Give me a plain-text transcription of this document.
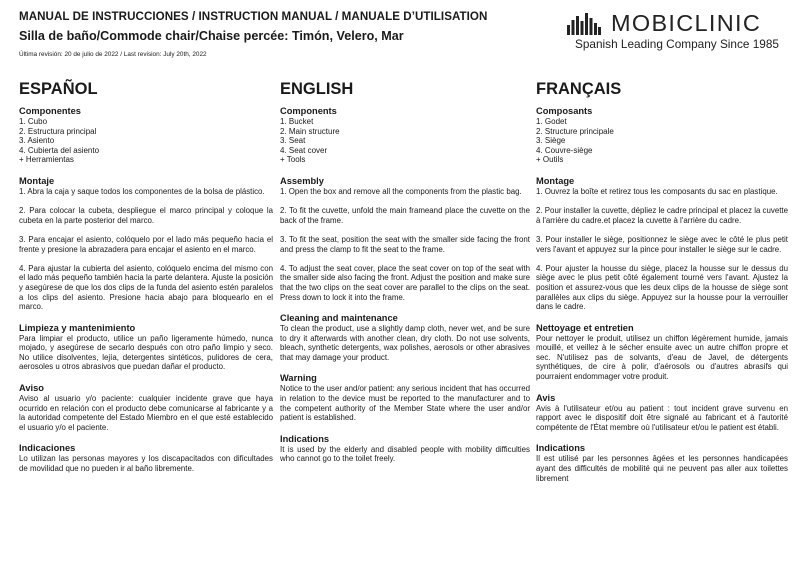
MANUAL DE INSTRUCCIONES / INSTRUCTION MANUAL / MANUALE D’UTILISATION
Silla de baño/Commode chair/Chaise percée: Timón, Velero, Mar
Última revisión: 20 de julio de 2022 / Last revision: July 20th, 2022
MOBICLINIC
Spanish Leading Company Since 1985
ESPAÑOL
Componentes
1. Cubo
2. Estructura principal
3. Asiento
4. Cubierta del asiento
+ Herramientas
Montaje
1. Abra la caja y saque todos los componentes de la bolsa de plástico.
2. Para colocar la cubeta, despliegue el marco principal y coloque la cubeta en la parte posterior del marco.
3. Para encajar el asiento, colóquelo por el lado más pequeño hacia el frente y presione la abrazadera para encajar el asiento en el marco.
4. Para ajustar la cubierta del asiento, colóquelo encima del mismo con el lado más pequeño también hacia la parte delantera. Ajuste la posición y asegúrese de que los dos clips de la funda del asiento estén paralelos a los clips del asiento. Presione hacia abajo para bloquearlo en el marco.
Limpieza y mantenimiento
Para limpiar el producto, utilice un paño ligeramente húmedo, nunca mojado, y asegúrese de secarlo después con otro paño limpio y seco. No utilice disolventes, lejía, detergentes sintéticos, pulidores de cera, aerosoles u otros abrasivos que puedan dañar el producto.
Aviso
Aviso al usuario y/o paciente: cualquier incidente grave que haya ocurrido en relación con el producto debe comunicarse al fabricante y a la autoridad competente del Estado Miembro en el que esté establecido el usuario y/o el paciente.
Indicaciones
Lo utilizan las personas mayores y los discapacitados con dificultades de movilidad que no pueden ir al baño libremente.
ENGLISH
Components
1. Bucket
2. Main structure
3. Seat
4. Seat cover
+ Tools
Assembly
1. Open the box and remove all the components from the plastic bag.
2. To fit the cuvette, unfold the main frameand place the cuvette on the back of the frame.
3. To fit the seat, position the seat with the smaller side facing the front and press the clamp to fit the seat to the frame.
4. To adjust the seat cover, place the seat cover on top of the seat with the smaller side also facing the front. Adjust the position and make sure that the two clips on the seat cover are parallel to the clips on the seat. Press down to lock it into the frame.
Cleaning and maintenance
To clean the product, use a slightly damp cloth, never wet, and be sure to dry it afterwards with another clean, dry cloth. Do not use solvents, bleach, synthetic detergents, wax polishes, aerosols or other abrasives that may damage your product.
Warning
Notice to the user and/or patient: any serious incident that has occurred in relation to the device must be reported to the manufacturer and to the competent authority of the Member State where the user and/or patient is established.
Indications
It is used by the elderly and disabled people with mobility difficulties who cannot go to the toilet freely.
FRANÇAIS
Composants
1. Godet
2. Structure principale
3. Siège
4. Couvre-siège
+ Outils
Montage
1. Ouvrez la boîte et retirez tous les composants du sac en plastique.
2. Pour installer la cuvette, dépliez le cadre principal et placez la cuvette à l'arrière du cadre.et placez la cuvette à l'arrière du cadre.
3. Pour installer le siège, positionnez le siège avec le côté le plus petit vers l'avant et appuyez sur la pince pour installer le siège sur le cadre.
4. Pour ajuster la housse du siège, placez la housse sur le dessus du siège avec le plus petit côté également tourné vers l'avant. Ajustez la position et assurez-vous que les deux clips de la housse de siège sont parallèles aux clips du siège. Appuyez sur la housse pour la verrouiller dans le cadre.
Nettoyage et entretien
Pour nettoyer le produit, utilisez un chiffon légèrement humide, jamais mouillé, et veillez à le sécher ensuite avec un autre chiffon propre et sec. N'utilisez pas de solvants, d'eau de Javel, de détergents synthétiques, de cire à polir, d'aérosols ou d'autres abrasifs qui pourraient endommager votre produit.
Avis
Avis à l'utilisateur et/ou au patient : tout incident grave survenu en rapport avec le dispositif doit être signalé au fabricant et à l'autorité compétente de l'État membre où l'utilisateur et/ou le patient est établi.
Indications
Il est utilisé par les personnes âgées et les personnes handicapées ayant des difficultés de mobilité qui ne peuvent pas aller aux toilettes librement
